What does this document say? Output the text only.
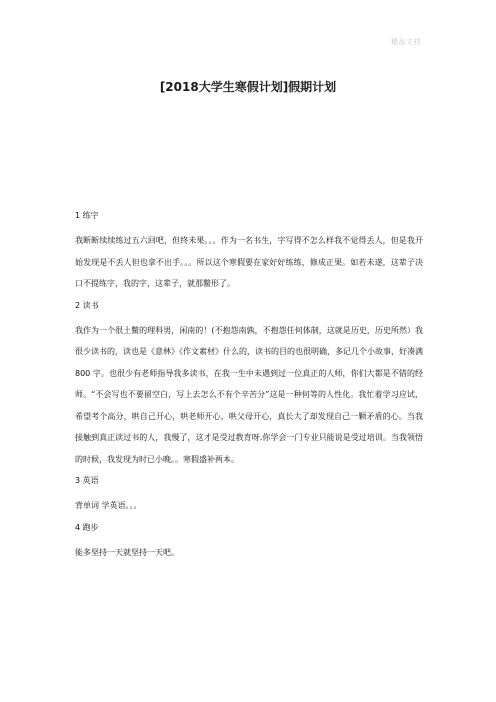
精品文档
[2018大学生寒假计划]假期计划

1 练字

我断断续续练过五六回吧，但终未果。。。作为一名书生，字写得不怎么样我不觉得丢人，但是我开始发现是不丢人但也拿不出手。。。所以这个寒假要在家好好练练，修成正果。如若未遂，这辈子决口不提练字，我的字，这辈子，就那鳖形了。

2 读书

我作为一个很土鳖的理科男，闲南的！(不抱怨南孰，不抱怨任何体制，这就是历史，历史所然）我很少读书的，读也是《意林》《作文素材》什么的，读书的目的也很明确，多记几个小故事，好凑满 800 字。也很少有老师指导我多读书，在我一生中未遇到过一位真正的人师，你们大都是不错的经师。“不会写也不要留空白，写上去怎么不有个辛苦分”这是一种何等的人性化。我忙着学习应试，希望考个高分，哄自己开心，哄老师开心，哄父母开心，真长大了却发现自己一颗矛盾的心。当我接触到真正读过书的人，我慢了，这才是受过教育呀.你学会一门专业只能说是受过培训。当我领悟的时候，我发现为时已小晚。。寒假盛补两本。

3 英语

背单词 学英语。。。

4 跑步

能多坚持一天就坚持一天吧。
